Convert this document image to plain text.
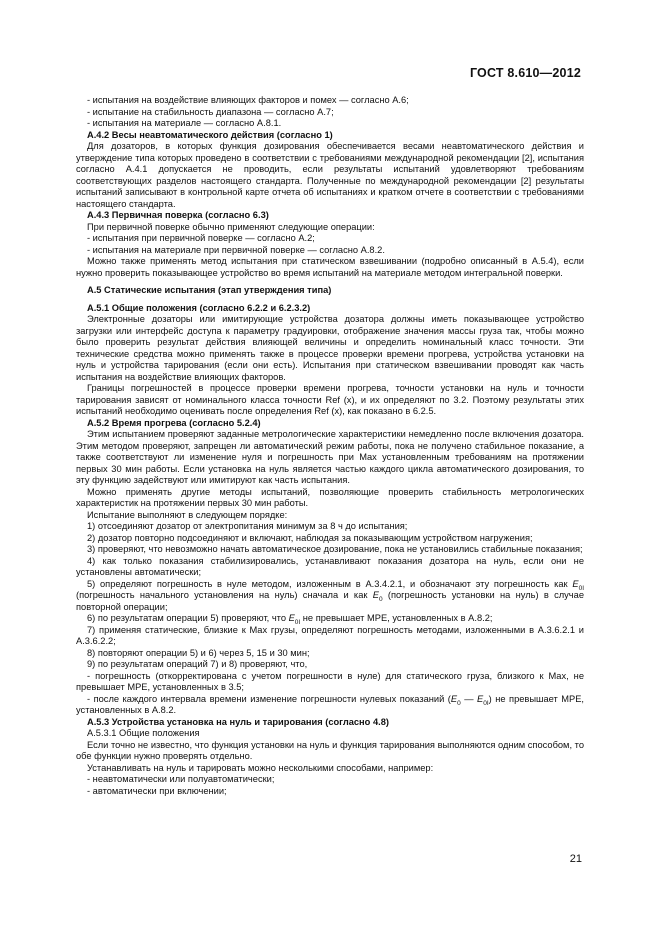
ГОСТ 8.610—2012

- испытания на воздействие влияющих факторов и помех — согласно А.6;

- испытание на стабильность диапазона — согласно А.7;

- испытания на материале — согласно А.8.1.

А.4.2 Весы неавтоматического действия (согласно 1)

Для дозаторов, в которых функция дозирования обеспечивается весами неавтоматического действия и утверждение типа которых проведено в соответствии с требованиями международной рекомендации [2], испытания согласно А.4.1 допускается не проводить, если результаты испытаний удовлетворяют требованиям соответствующих разделов настоящего стандарта. Полученные по международной рекомендации [2] результаты испытаний записывают в контрольной карте отчета об испытаниях и кратком отчете в соответствии с требованиями настоящего стандарта.

А.4.3 Первичная поверка (согласно 6.3)

При первичной поверке обычно применяют следующие операции:

- испытания при первичной поверке — согласно А.2;

- испытания на материале при первичной поверке — согласно А.8.2.

Можно также применять метод испытания при статическом взвешивании (подробно описанный в А.5.4), если нужно проверить показывающее устройство во время испытаний на материале методом интегральной поверки.

А.5 Статические испытания (этап утверждения типа)

А.5.1 Общие положения (согласно 6.2.2 и 6.2.3.2)

Электронные дозаторы или имитирующие устройства дозатора должны иметь показывающее устройство загрузки или интерфейс доступа к параметру градуировки, отображение значения массы груза так, чтобы можно было проверить результат действия влияющей величины и определить номинальный класс точности. Эти технические средства можно применять также в процессе проверки времени прогрева, устройства установки на нуль и устройства тарирования (если они есть). Испытания при статическом взвешивании проводят как часть испытания на воздействие влияющих факторов.

Границы погрешностей в процессе проверки времени прогрева, точности установки на нуль и точности тарирования зависят от номинального класса точности Ref (x), и их определяют по 3.2. Поэтому результаты этих испытаний необходимо оценивать после определения Ref (x), как показано в 6.2.5.

А.5.2 Время прогрева (согласно 5.2.4)

Этим испытанием проверяют заданные метрологические характеристики немедленно после включения дозатора. Этим методом проверяют, запрещен ли автоматический режим работы, пока не получено стабильное показание, а также соответствуют ли изменение нуля и погрешность при Max установленным требованиям на протяжении первых 30 мин работы. Если установка на нуль является частью каждого цикла автоматического дозирования, то эту функцию задействуют или имитируют как часть испытания.

Можно применять другие методы испытаний, позволяющие проверить стабильность метрологических характеристик на протяжении первых 30 мин работы.

Испытание выполняют в следующем порядке:

1) отсоединяют дозатор от электропитания минимум за 8 ч до испытания;

2) дозатор повторно подсоединяют и включают, наблюдая за показывающим устройством нагружения;

3) проверяют, что невозможно начать автоматическое дозирование, пока не установились стабильные показания;

4) как только показания стабилизировались, устанавливают показания дозатора на нуль, если они не установлены автоматически;

5) определяют погрешность в нуле методом, изложенным в А.3.4.2.1, и обозначают эту погрешность как $E_{0I}$ (погрешность начального установления на нуль) сначала и как $E_0$ (погрешность установки на нуль) в случае повторной операции;

6) по результатам операции 5) проверяют, что $E_{0I}$ не превышает МРЕ, установленных в А.8.2;

7) применяя статические, близкие к Max грузы, определяют погрешность методами, изложенными в А.3.6.2.1 и А.3.6.2.2;

8) повторяют операции 5) и 6) через 5, 15 и 30 мин;

9) по результатам операций 7) и 8) проверяют, что,

- погрешность (откорректирована с учетом погрешности в нуле) для статического груза, близкого к Max, не превышает МРЕ, установленных в 3.5;

- после каждого интервала времени изменение погрешности нулевых показаний ($E_0$ — $E_{0I}$) не превышает МРЕ, установленных в А.8.2.

А.5.3 Устройства установка на нуль и тарирования (согласно 4.8)

А.5.3.1 Общие положения

Если точно не известно, что функция установки на нуль и функция тарирования выполняются одним способом, то обе функции нужно проверять отдельно.

Устанавливать на нуль и тарировать можно несколькими способами, например:

- неавтоматически или полуавтоматически;

- автоматически при включении;

21
